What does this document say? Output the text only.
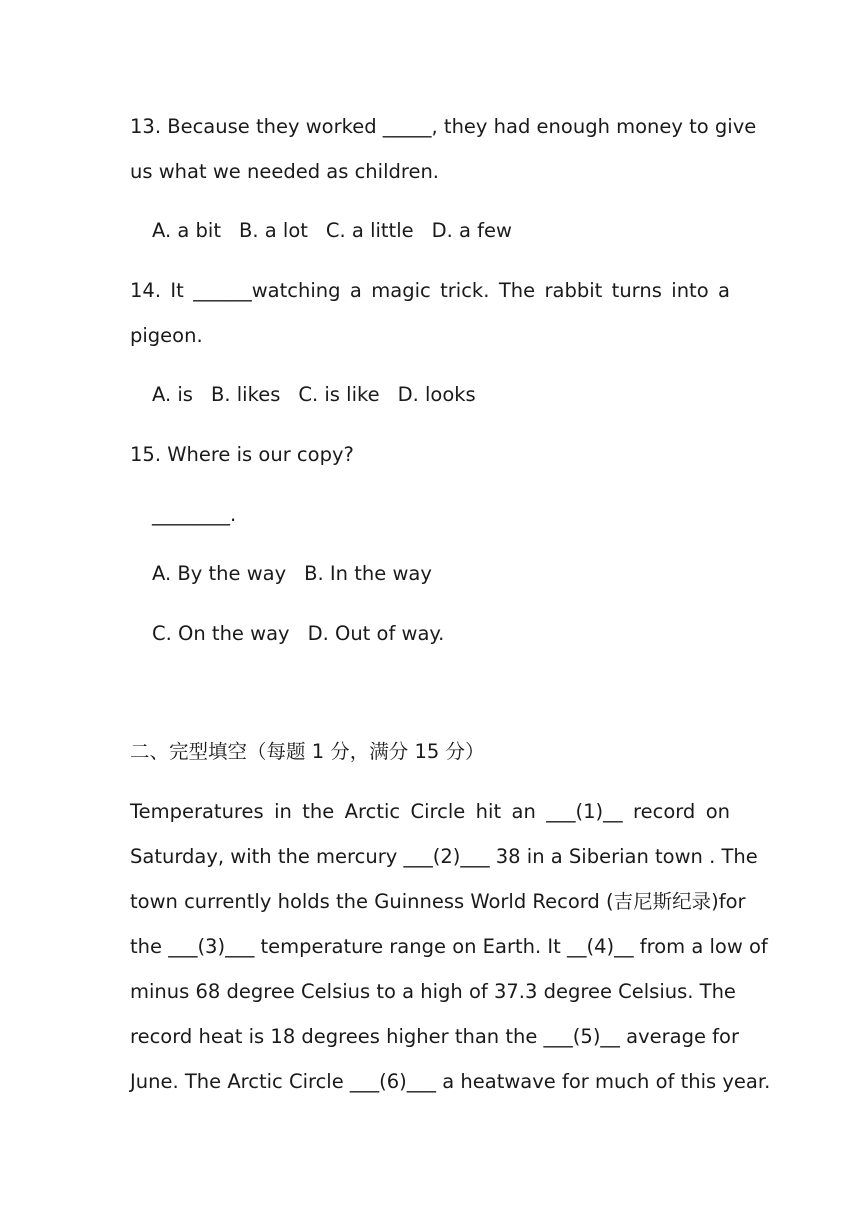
13. Because they worked _____, they had enough money to give
us what we needed as children.
A. a bit B. a lot C. a little D. a few
14. It ______watching a magic trick. The rabbit turns into a
pigeon.
A. is B. likes C. is like D. looks
15. Where is our copy?
________.
A. By the way B. In the way
C. On the way D. Out of way.
二、完型填空（每题 1 分，满分 15 分）
Temperatures in the Arctic Circle hit an ___(1)__ record on
Saturday, with the mercury ___(2)___ 38 in a Siberian town . The
town currently holds the Guinness World Record (吉尼斯纪录)for
the ___(3)___ temperature range on Earth. It __(4)__ from a low of
minus 68 degree Celsius to a high of 37.3 degree Celsius. The
record heat is 18 degrees higher than the ___(5)__ average for
June. The Arctic Circle ___(6)___ a heatwave for much of this year.
